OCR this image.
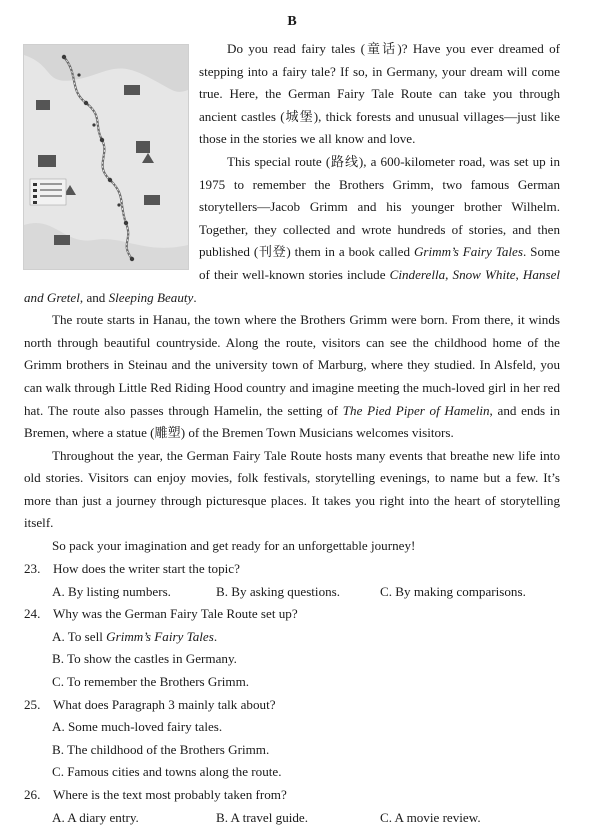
B

Do you read fairy tales (童话)? Have you ever dreamed of stepping into a fairy tale? If so, in Germany, your dream will come true. Here, the German Fairy Tale Route can take you through ancient castles (城堡), thick forests and unusual villages—just like those in the stories we all know and love.

This special route (路线), a 600-kilometer road, was set up in 1975 to remember the Brothers Grimm, two famous German storytellers—Jacob Grimm and his younger brother Wilhelm. Together, they collected and wrote hundreds of stories, and then published (刊登) them in a book called Grimm’s Fairy Tales. Some of their well-known stories include Cinderella, Snow White, Hansel and Gretel, and Sleeping Beauty.

The route starts in Hanau, the town where the Brothers Grimm were born. From there, it winds north through beautiful countryside. Along the route, visitors can see the childhood home of the Grimm brothers in Steinau and the university town of Marburg, where they studied. In Alsfeld, you can walk through Little Red Riding Hood country and imagine meeting the much-loved girl in her red hat. The route also passes through Hamelin, the setting of The Pied Piper of Hamelin, and ends in Bremen, where a statue (雕塑) of the Bremen Town Musicians welcomes visitors.

Throughout the year, the German Fairy Tale Route hosts many events that breathe new life into old stories. Visitors can enjoy movies, folk festivals, storytelling evenings, to name but a few. It’s more than just a journey through picturesque places. It takes you right into the heart of storytelling itself.

So pack your imagination and get ready for an unforgettable journey!

23. How does the writer start the topic?
A. By listing numbers.	B. By asking questions.	C. By making comparisons.
24. Why was the German Fairy Tale Route set up?
A. To sell Grimm’s Fairy Tales.
B. To show the castles in Germany.
C. To remember the Brothers Grimm.
25. What does Paragraph 3 mainly talk about?
A. Some much-loved fairy tales.
B. The childhood of the Brothers Grimm.
C. Famous cities and towns along the route.
26. Where is the text most probably taken from?
A. A diary entry.	B. A travel guide.	C. A movie review.
